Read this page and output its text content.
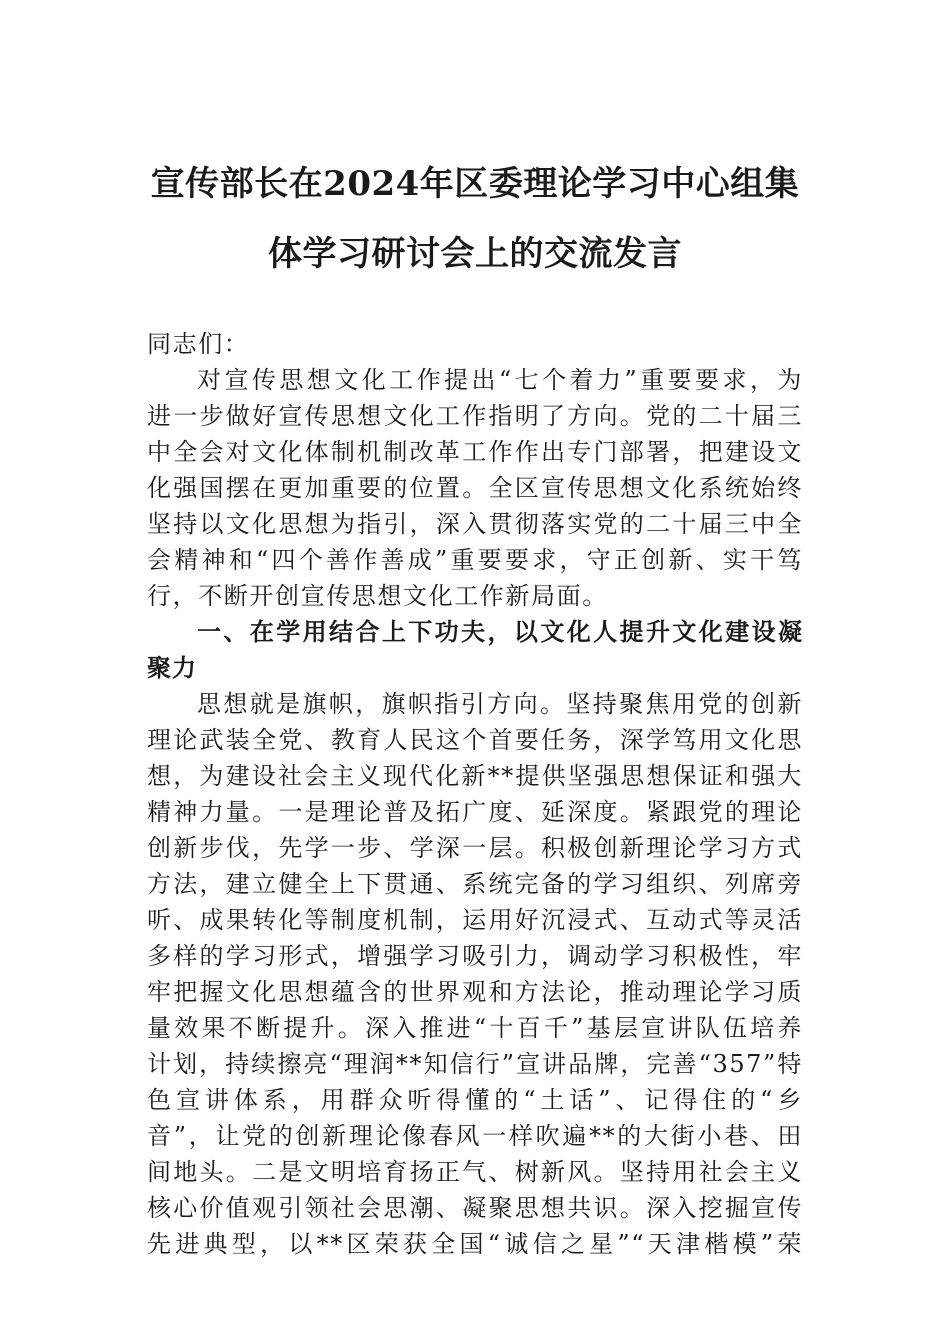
宣传部长在2024年区委理论学习中心组集
体学习研讨会上的交流发言
同志们：
对宣传思想文化工作提出“七个着力”重要要求，为
进一步做好宣传思想文化工作指明了方向。党的二十届三
中全会对文化体制机制改革工作作出专门部署，把建设文
化强国摆在更加重要的位置。全区宣传思想文化系统始终
坚持以文化思想为指引，深入贯彻落实党的二十届三中全
会精神和“四个善作善成”重要要求，守正创新、实干笃
行，不断开创宣传思想文化工作新局面。
一、在学用结合上下功夫，以文化人提升文化建设凝
聚力
思想就是旗帜，旗帜指引方向。坚持聚焦用党的创新
理论武装全党、教育人民这个首要任务，深学笃用文化思
想，为建设社会主义现代化新**提供坚强思想保证和强大
精神力量。一是理论普及拓广度、延深度。紧跟党的理论
创新步伐，先学一步、学深一层。积极创新理论学习方式
方法，建立健全上下贯通、系统完备的学习组织、列席旁
听、成果转化等制度机制，运用好沉浸式、互动式等灵活
多样的学习形式，增强学习吸引力，调动学习积极性，牢
牢把握文化思想蕴含的世界观和方法论，推动理论学习质
量效果不断提升。深入推进“十百千”基层宣讲队伍培养
计划，持续擦亮“理润**知信行”宣讲品牌，完善“357”特
色宣讲体系，用群众听得懂的“土话”、记得住的“乡
音”，让党的创新理论像春风一样吹遍**的大街小巷、田
间地头。二是文明培育扬正气、树新风。坚持用社会主义
核心价值观引领社会思潮、凝聚思想共识。深入挖掘宣传
先进典型，以**区荣获全国“诚信之星”“天津楷模”荣
